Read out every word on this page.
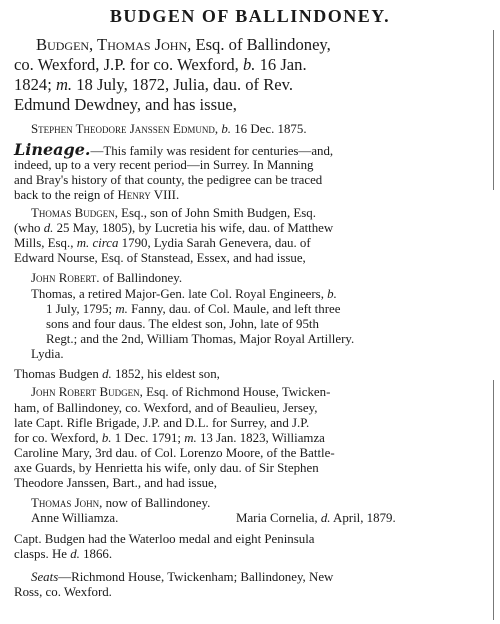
BUDGEN OF BALLINDONEY.
Budgen, Thomas John, Esq. of Ballindoney,
co. Wexford, J.P. for co. Wexford, b. 16 Jan.
1824; m. 18 July, 1872, Julia, dau. of Rev.
Edmund Dewdney, and has issue,
Stephen Theodore Janssen Edmund, b. 16 Dec. 1875.
Lineage.—This family was resident for centuries—and,
indeed, up to a very recent period—in Surrey. In Manning
and Bray's history of that county, the pedigree can be traced
back to the reign of Henry VIII.
Thomas Budgen, Esq., son of John Smith Budgen, Esq.
(who d. 25 May, 1805), by Lucretia his wife, dau. of Matthew
Mills, Esq., m. circa 1790, Lydia Sarah Genevera, dau. of
Edward Nourse, Esq. of Stanstead, Essex, and had issue,
John Robert. of Ballindoney.
Thomas, a retired Major-Gen. late Col. Royal Engineers, b.
1 July, 1795; m. Fanny, dau. of Col. Maule, and left three
sons and four daus. The eldest son, John, late of 95th
Regt.; and the 2nd, William Thomas, Major Royal Artillery.
Lydia.
Thomas Budgen d. 1852, his eldest son,
John Robert Budgen, Esq. of Richmond House, Twicken-
ham, of Ballindoney, co. Wexford, and of Beaulieu, Jersey,
late Capt. Rifle Brigade, J.P. and D.L. for Surrey, and J.P.
for co. Wexford, b. 1 Dec. 1791; m. 13 Jan. 1823, Williamza
Caroline Mary, 3rd dau. of Col. Lorenzo Moore, of the Battle-
axe Guards, by Henrietta his wife, only dau. of Sir Stephen
Theodore Janssen, Bart., and had issue,
Thomas John, now of Ballindoney.
Anne Williamza.	Maria Cornelia, d. April, 1879.
Capt. Budgen had the Waterloo medal and eight Peninsula
clasps. He d. 1866.
Seats—Richmond House, Twickenham; Ballindoney, New
Ross, co. Wexford.
